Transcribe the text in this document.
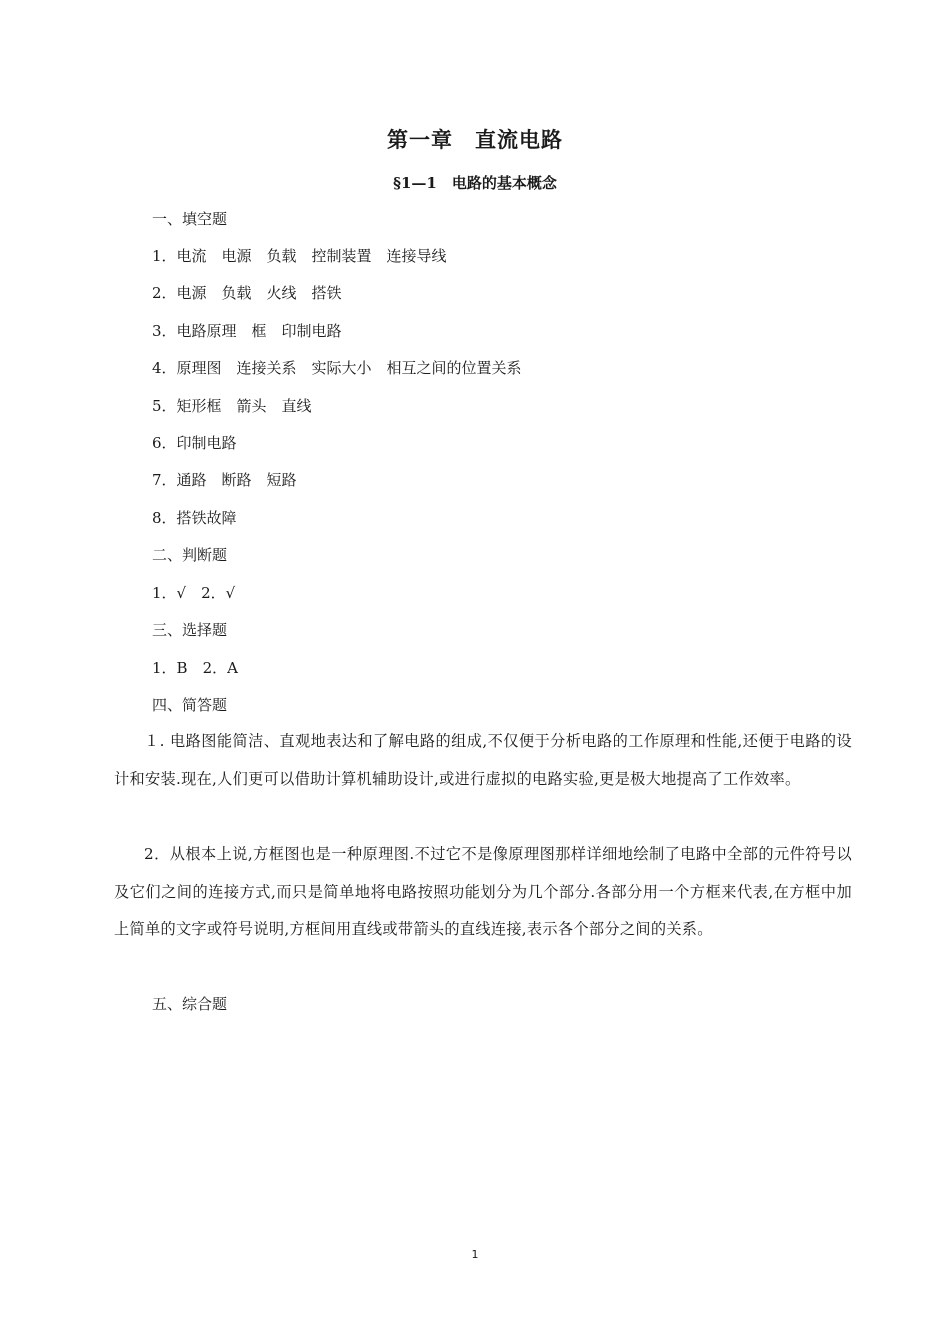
第一章　直流电路
§1—1　电路的基本概念
一、填空题
1．电流　电源　负载　控制装置　连接导线
2．电源　负载　火线　搭铁
3．电路原理　框　印制电路
4．原理图　连接关系　实际大小　相互之间的位置关系
5．矩形框　箭头　直线
6．印制电路
7．通路　断路　短路
8．搭铁故障
二、判断题
1．√　2．√
三、选择题
1．B　2．A
四、简答题
１. 电路图能简洁、直观地表达和了解电路的组成,不仅便于分析电路的工作原理和性能,还便于电路的设计和安装.现在,人们更可以借助计算机辅助设计,或进行虚拟的电路实验,更是极大地提高了工作效率。
2．从根本上说,方框图也是一种原理图.不过它不是像原理图那样详细地绘制了电路中全部的元件符号以及它们之间的连接方式,而只是简单地将电路按照功能划分为几个部分.各部分用一个方框来代表,在方框中加上简单的文字或符号说明,方框间用直线或带箭头的直线连接,表示各个部分之间的关系。
五、综合题
1
